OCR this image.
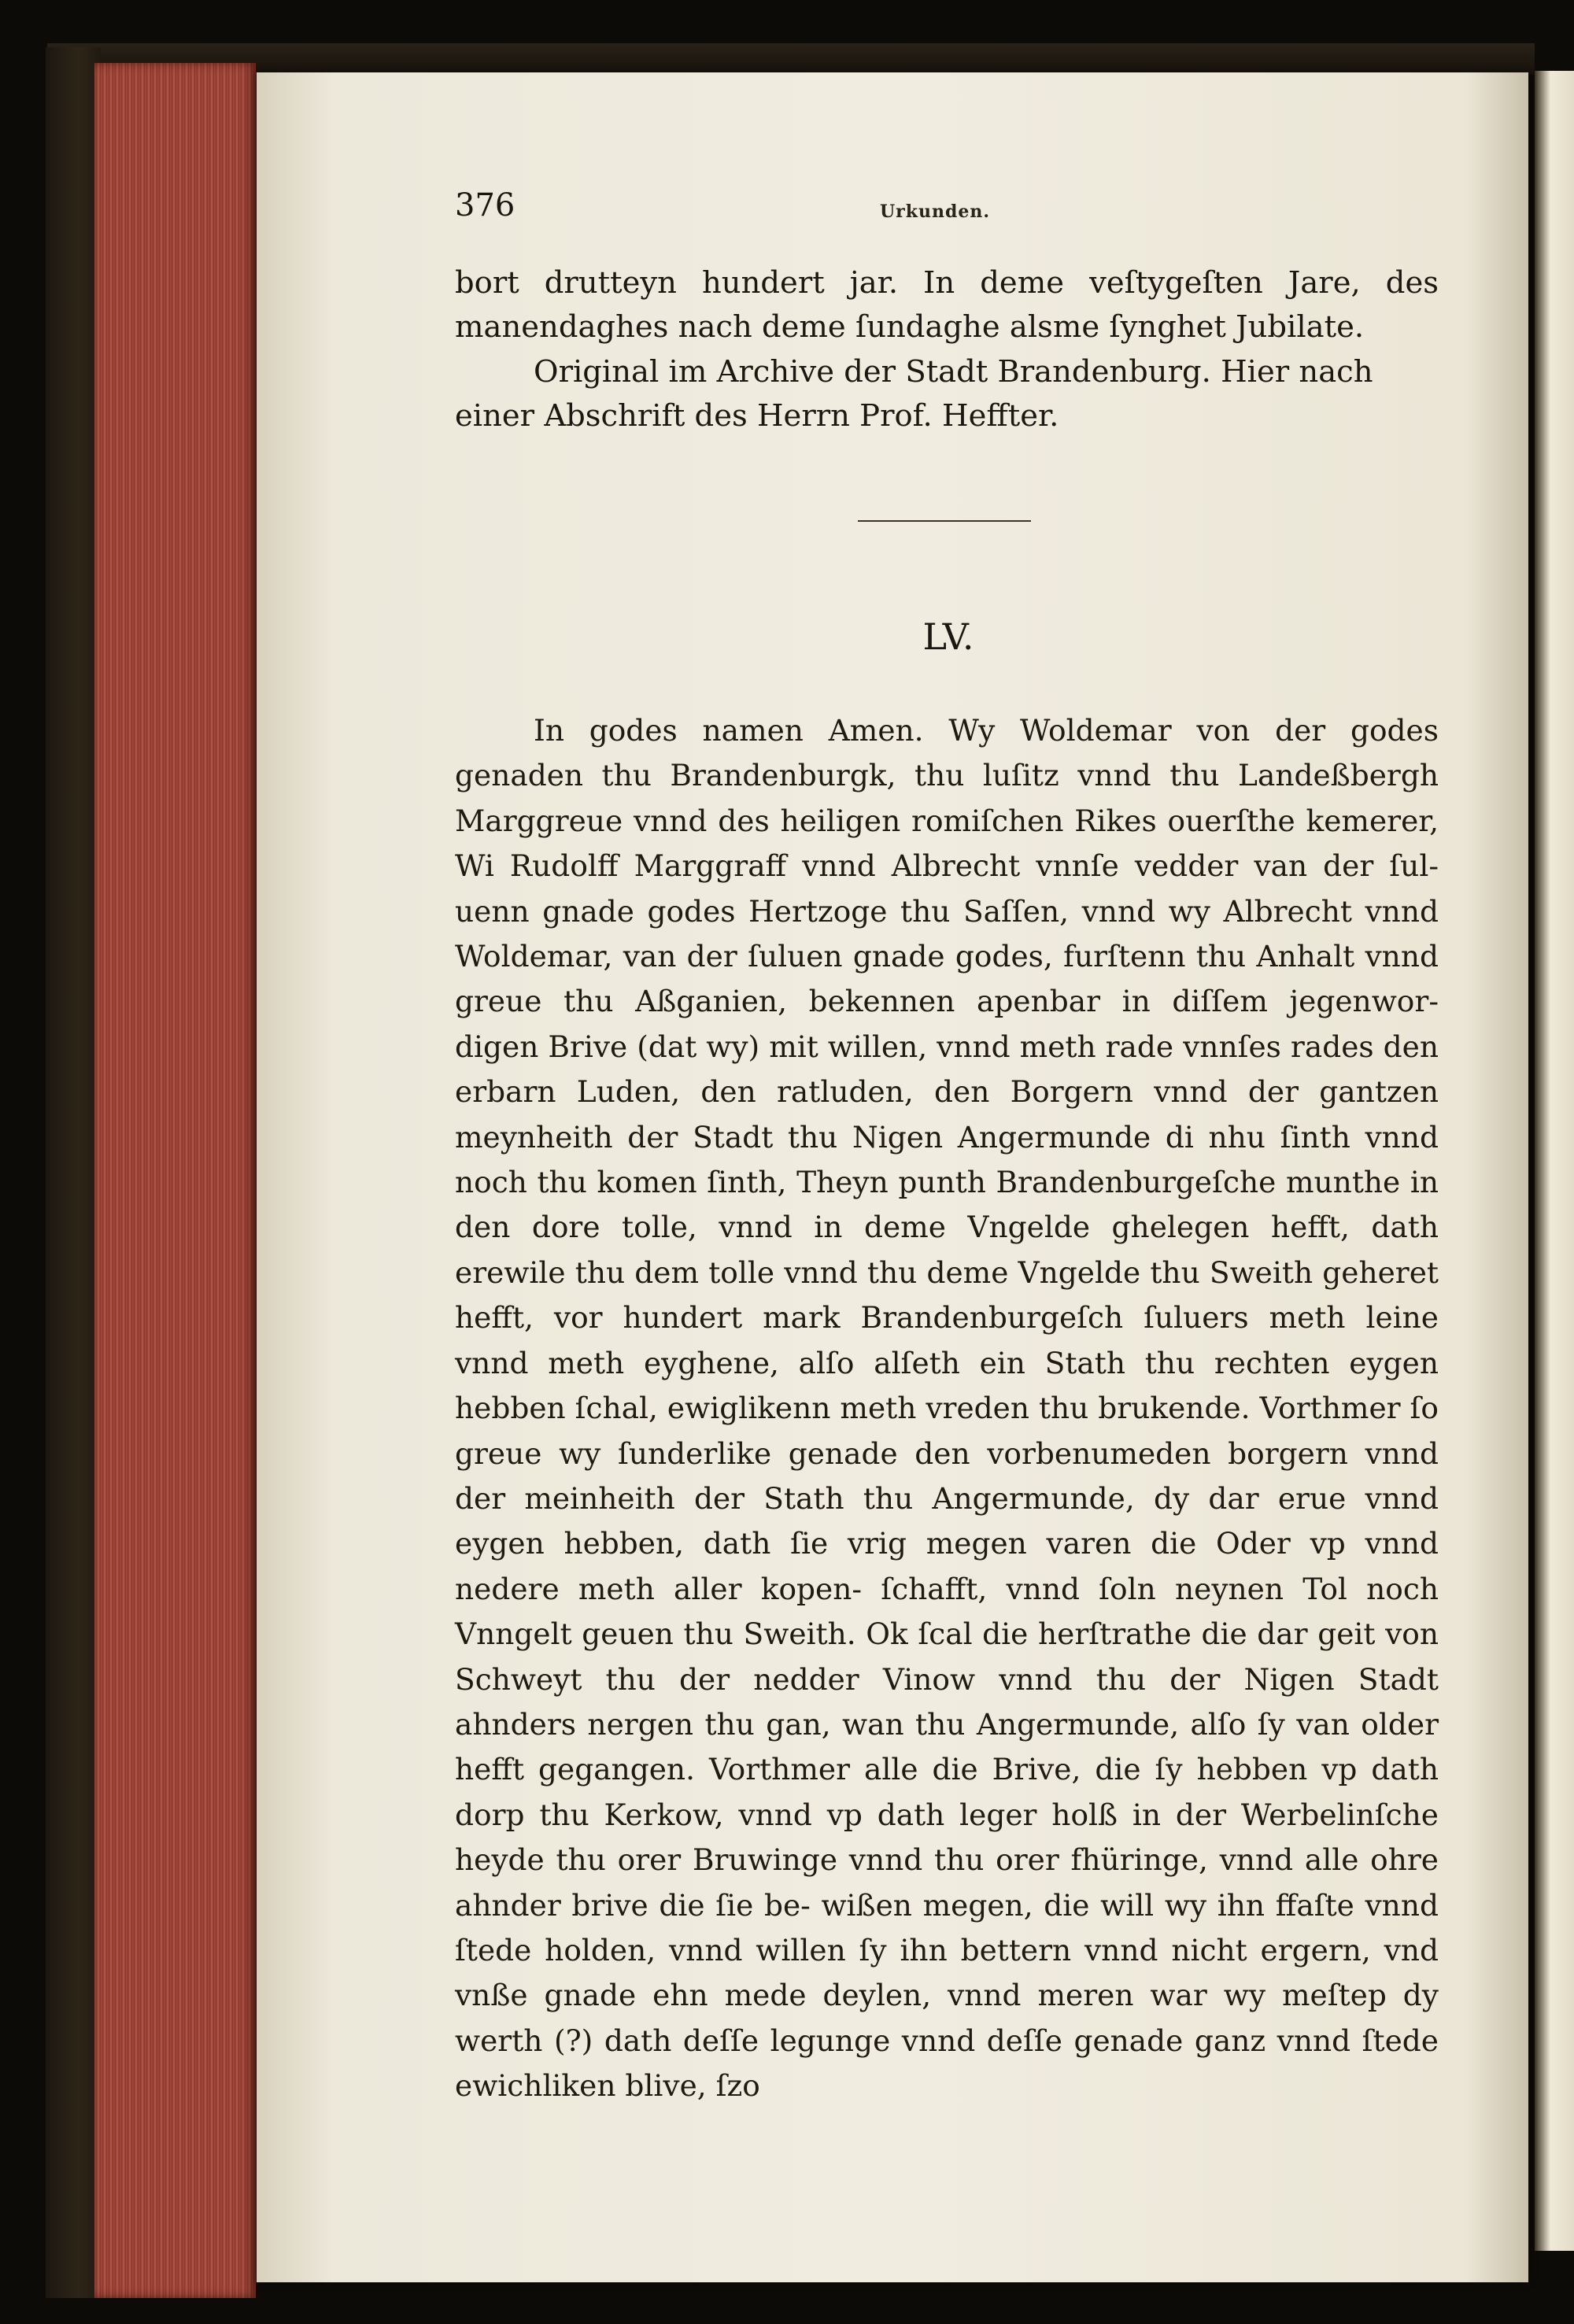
376	Urkunden.

bort drutteyn hundert jar. In deme veſtygeſten Jare, des manendaghes nach deme ſundaghe alsme ſynghet Jubilate.

Original im Archive der Stadt Brandenburg. Hier nach einer Abschrift des Herrn Prof. Heffter.

LV.

In godes namen Amen. Wy Woldemar von der godes genaden thu Brandenburgk, thu luſitz vnnd thu Landeßbergh Marggreue vnnd des heiligen romiſchen Rikes ouerſthe kemerer, Wi Rudolff Marggraff vnnd Albrecht vnnſe vedder van der ſul- uenn gnade godes Hertzoge thu Saſſen, vnnd wy Albrecht vnnd Woldemar, van der ſuluen gnade godes, furſtenn thu Anhalt vnnd greue thu Aßganien, bekennen apenbar in diſſem jegenwor- digen Brive (dat wy) mit willen, vnnd meth rade vnnſes rades den erbarn Luden, den ratluden, den Borgern vnnd der gantzen meynheith der Stadt thu Nigen Angermunde di nhu ſinth vnnd noch thu komen ſinth, Theyn punth Brandenburgeſche munthe in den dore tolle, vnnd in deme Vngelde ghelegen hefft, dath erewile thu dem tolle vnnd thu deme Vngelde thu Sweith geheret hefft, vor hundert mark Brandenburgeſch ſuluers meth leine vnnd meth eyghene, alſo alſeth ein Stath thu rechten eygen hebben ſchal, ewiglikenn meth vreden thu brukende. Vorthmer ſo greue wy ſunderlike genade den vorbenumeden borgern vnnd der meinheith der Stath thu Angermunde, dy dar erue vnnd eygen hebben, dath ſie vrig megen varen die Oder vp vnnd nedere meth aller kopen- ſchafft, vnnd ſoln neynen Tol noch Vnngelt geuen thu Sweith. Ok ſcal die herſtrathe die dar geit von Schweyt thu der nedder Vinow vnnd thu der Nigen Stadt ahnders nergen thu gan, wan thu Angermunde, alſo ſy van older hefft gegangen. Vorthmer alle die Brive, die ſy hebben vp dath dorp thu Kerkow, vnnd vp dath leger holß in der Werbelinſche heyde thu orer Bruwinge vnnd thu orer fhüringe, vnnd alle ohre ahnder brive die ſie be- wißen megen, die will wy ihn ffaſte vnnd ſtede holden, vnnd willen ſy ihn bettern vnnd nicht ergern, vnd vnße gnade ehn mede deylen, vnnd meren war wy meſtep dy werth (?) dath deſſe legunge vnnd deſſe genade ganz vnnd ſtede ewichliken blive, ſzo
